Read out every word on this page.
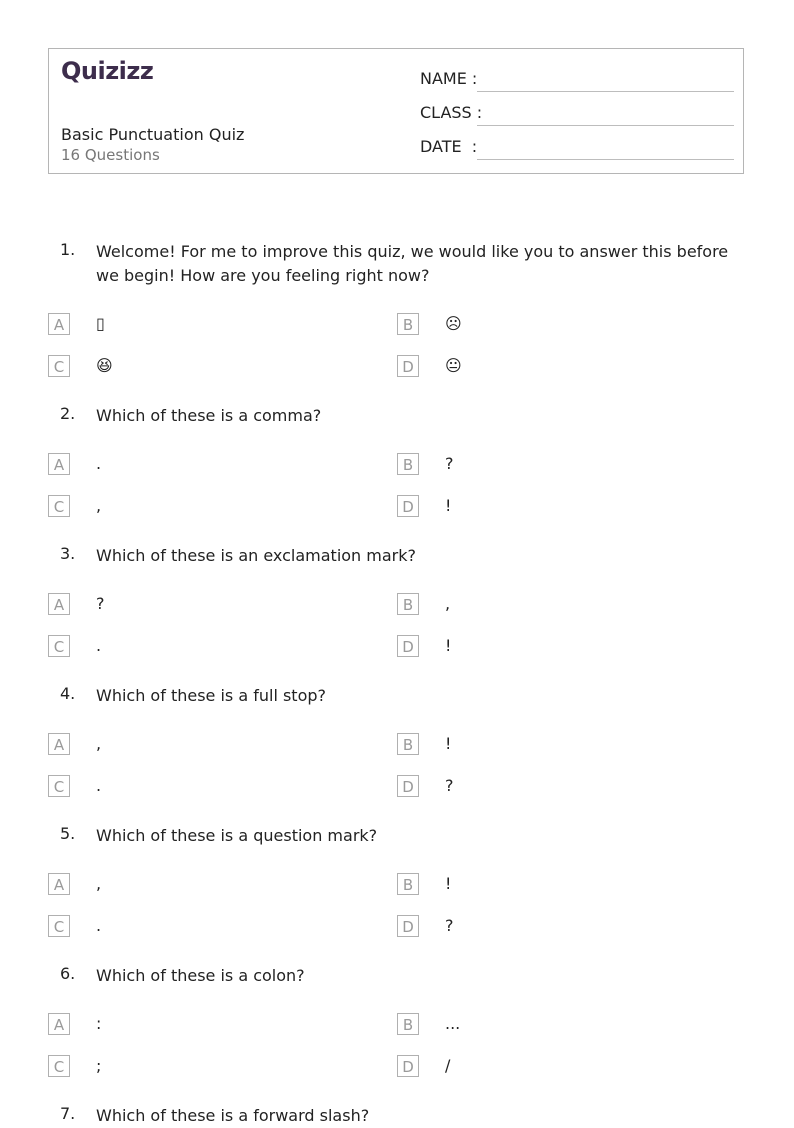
Quizizz
Basic Punctuation Quiz
16 Questions
NAME :
CLASS :
DATE  :
1. Welcome! For me to improve this quiz, we would like you to answer this before we begin! How are you feeling right now?
A	▯	B	☹
C	😆	D	😐
2. Which of these is a comma?
A	.	B	?
C	,	D	!
3. Which of these is an exclamation mark?
A	?	B	,
C	.	D	!
4. Which of these is a full stop?
A	,	B	!
C	.	D	?
5. Which of these is a question mark?
A	,	B	!
C	.	D	?
6. Which of these is a colon?
A	:	B	...
C	;	D	/
7. Which of these is a forward slash?
